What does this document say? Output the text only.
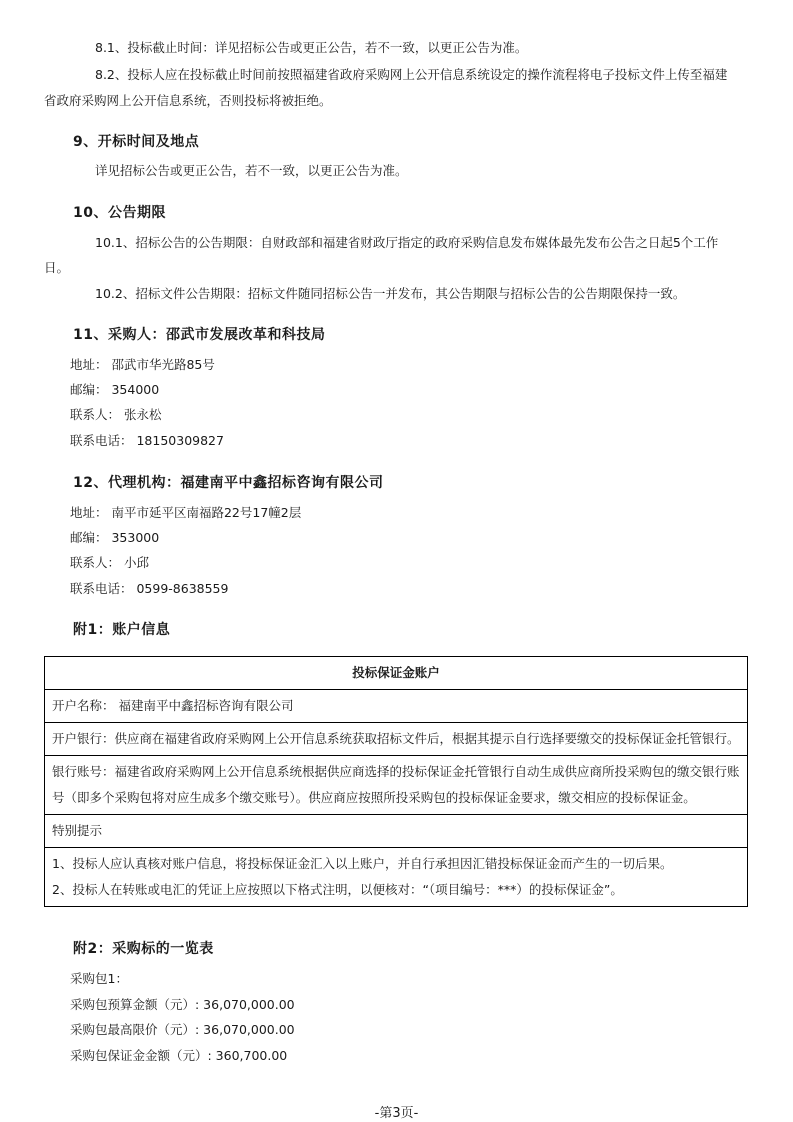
8.1、投标截止时间：详见招标公告或更正公告，若不一致，以更正公告为准。
8.2、投标人应在投标截止时间前按照福建省政府采购网上公开信息系统设定的操作流程将电子投标文件上传至福建
省政府采购网上公开信息系统，否则投标将被拒绝。
9、开标时间及地点
详见招标公告或更正公告，若不一致，以更正公告为准。
10、公告期限
10.1、招标公告的公告期限：自财政部和福建省财政厅指定的政府采购信息发布媒体最先发布公告之日起5个工作
日。
10.2、招标文件公告期限：招标文件随同招标公告一并发布，其公告期限与招标公告的公告期限保持一致。
11、采购人：邵武市发展改革和科技局
地址： 邵武市华光路85号
邮编： 354000
联系人： 张永松
联系电话： 18150309827
12、代理机构：福建南平中鑫招标咨询有限公司
地址： 南平市延平区南福路22号17幢2层
邮编： 353000
联系人： 小邱
联系电话： 0599-8638559
附1：账户信息
投标保证金账户
开户名称： 福建南平中鑫招标咨询有限公司
开户银行：供应商在福建省政府采购网上公开信息系统获取招标文件后，根据其提示自行选择要缴交的投标保证金托管银行。
银行账号：福建省政府采购网上公开信息系统根据供应商选择的投标保证金托管银行自动生成供应商所投采购包的缴交银行账号（即多个采购包将对应生成多个缴交账号）。供应商应按照所投采购包的投标保证金要求，缴交相应的投标保证金。
特别提示

1、投标人应认真核对账户信息，将投标保证金汇入以上账户，并自行承担因汇错投标保证金而产生的一切后果。
2、投标人在转账或电汇的凭证上应按照以下格式注明，以便核对：“（项目编号：***）的投标保证金”。
附2：采购标的一览表
采购包1：
采购包预算金额（元）: 36,070,000.00
采购包最高限价（元）: 36,070,000.00
采购包保证金金额（元）: 360,700.00
-第3页-
